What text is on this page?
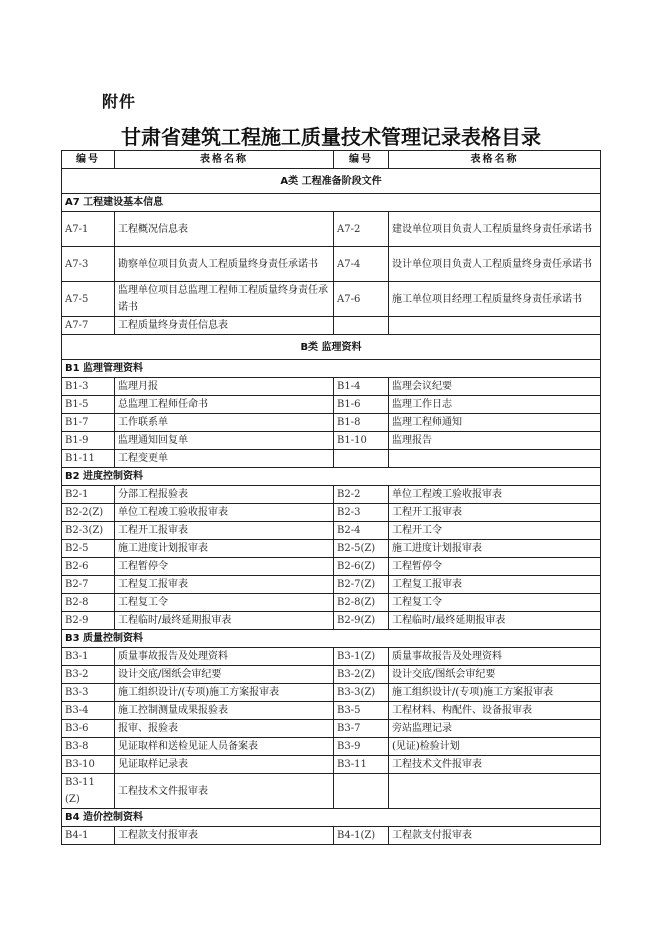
附件
甘肃省建筑工程施工质量技术管理记录表格目录
编号	表格名称	编号	表格名称
A类 工程准备阶段文件			
A7 工程建设基本信息			
A7-1	工程概况信息表	A7-2	建设单位项目负责人工程质量终身责任承诺书
A7-3	勘察单位项目负责人工程质量终身责任承诺书	A7-4	设计单位项目负责人工程质量终身责任承诺书
A7-5	监理单位项目总监理工程师工程质量终身责任承诺书	A7-6	施工单位项目经理工程质量终身责任承诺书
A7-7	工程质量终身责任信息表		
B类 监理资料			
B1 监理管理资料			
B1-3	监理月报	B1-4	监理会议纪要
B1-5	总监理工程师任命书	B1-6	监理工作日志
B1-7	工作联系单	B1-8	监理工程师通知
B1-9	监理通知回复单	B1-10	监理报告
B1-11	工程变更单		
B2 进度控制资料			
B2-1	分部工程报验表	B2-2	单位工程竣工验收报审表
B2-2(Z)	单位工程竣工验收报审表	B2-3	工程开工报审表
B2-3(Z)	工程开工报审表	B2-4	工程开工令
B2-5	施工进度计划报审表	B2-5(Z)	施工进度计划报审表
B2-6	工程暂停令	B2-6(Z)	工程暂停令
B2-7	工程复工报审表	B2-7(Z)	工程复工报审表
B2-8	工程复工令	B2-8(Z)	工程复工令
B2-9	工程临时/最终延期报审表	B2-9(Z)	工程临时/最终延期报审表
B3 质量控制资料			
B3-1	质量事故报告及处理资料	B3-1(Z)	质量事故报告及处理资料
B3-2	设计交底/图纸会审纪要	B3-2(Z)	设计交底/图纸会审纪要
B3-3	施工组织设计/(专项)施工方案报审表	B3-3(Z)	施工组织设计/(专项)施工方案报审表
B3-4	施工控制测量成果报验表	B3-5	工程材料、构配件、设备报审表
B3-6	报审、报验表	B3-7	旁站监理记录
B3-8	见证取样和送检见证人员备案表	B3-9	(见证)检验计划
B3-10	见证取样记录表	B3-11	工程技术文件报审表
B3-11 (Z)	工程技术文件报审表		
B4 造价控制资料			
B4-1	工程款支付报审表	B4-1(Z)	工程款支付报审表
